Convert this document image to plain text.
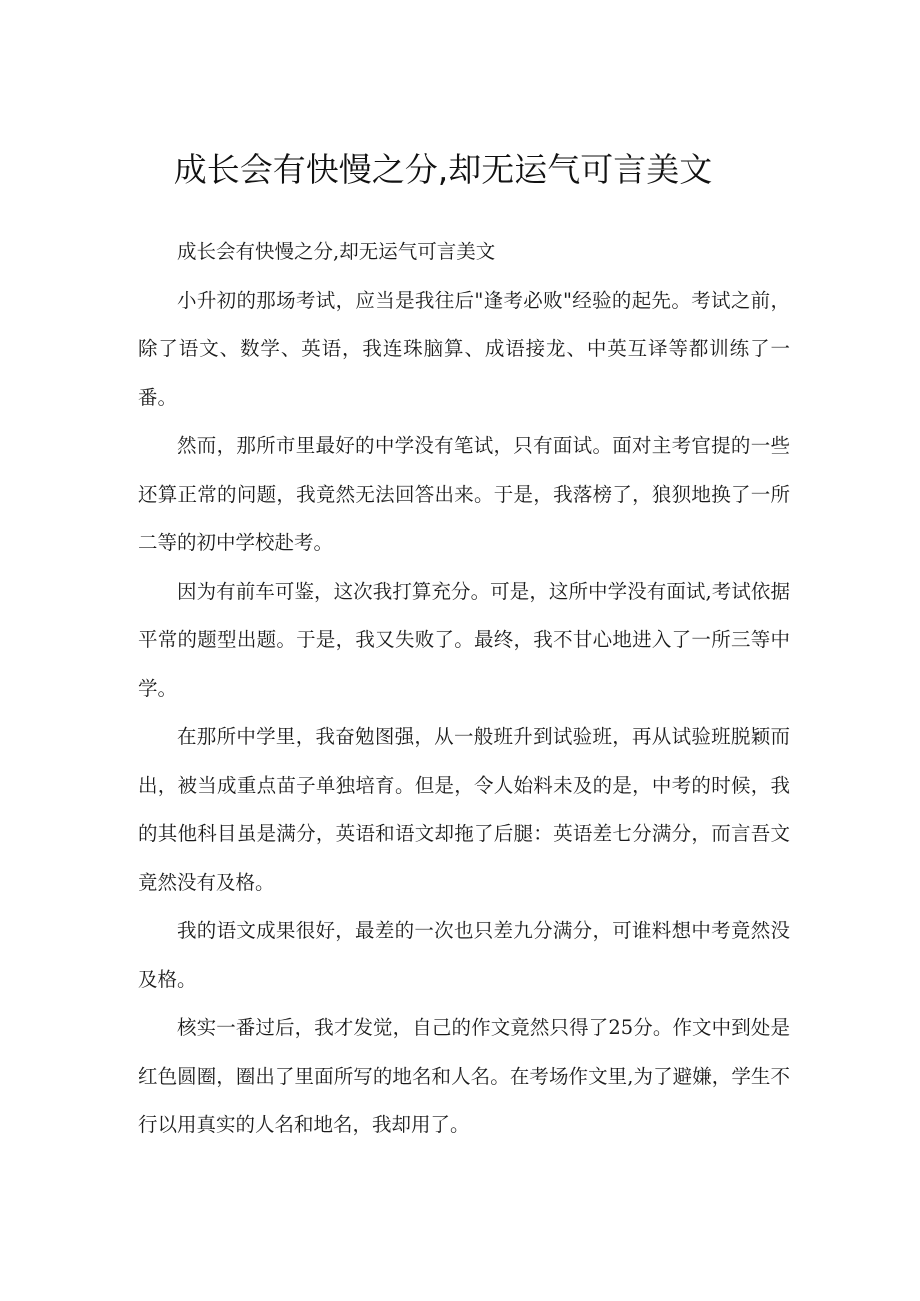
成长会有快慢之分,却无运气可言美文

成长会有快慢之分,却无运气可言美文

小升初的那场考试，应当是我往后"逢考必败"经验的起先。考试之前，除了语文、数学、英语，我连珠脑算、成语接龙、中英互译等都训练了一番。

然而，那所市里最好的中学没有笔试，只有面试。面对主考官提的一些还算正常的问题，我竟然无法回答出来。于是，我落榜了，狼狈地换了一所二等的初中学校赴考。

因为有前车可鉴，这次我打算充分。可是，这所中学没有面试,考试依据平常的题型出题。于是，我又失败了。最终，我不甘心地进入了一所三等中学。

在那所中学里，我奋勉图强，从一般班升到试验班，再从试验班脱颖而出，被当成重点苗子单独培育。但是，令人始料未及的是，中考的时候，我的其他科目虽是满分，英语和语文却拖了后腿：英语差七分满分，而言吾文竟然没有及格。

我的语文成果很好，最差的一次也只差九分满分，可谁料想中考竟然没及格。

核实一番过后，我才发觉，自己的作文竟然只得了25分。作文中到处是红色圆圈，圈出了里面所写的地名和人名。在考场作文里,为了避嫌，学生不行以用真实的人名和地名，我却用了。
